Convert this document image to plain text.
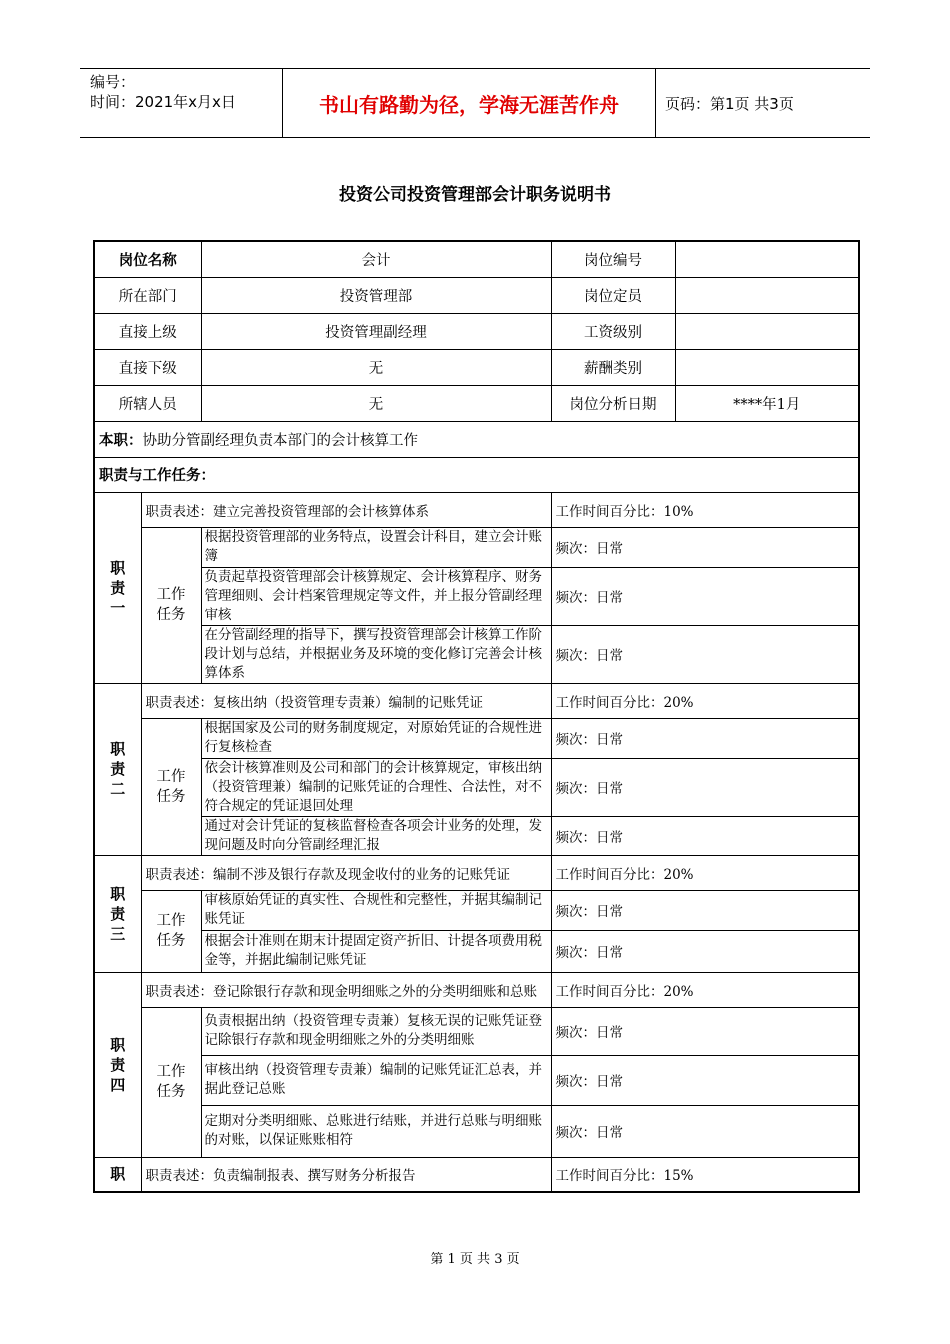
编号：
时间：2021年x月x日	书山有路勤为径，学海无涯苦作舟	页码：第1页 共3页
投资公司投资管理部会计职务说明书
岗位名称		会计	岗位编号	
所在部门		投资管理部	岗位定员	
直接上级		投资管理副经理	工资级别	
直接下级		无	薪酬类别	
所辖人员		无	岗位分析日期	****年1月
本职：协助分管副经理负责本部门的会计核算工作				
职责与工作任务：				
职
责
一	职责表述：建立完善投资管理部的会计核算体系		工作时间百分比：10%	
	工作
任务	根据投资管理部的业务特点，设置会计科目，建立会计账簿	频次：日常	
		负责起草投资管理部会计核算规定、会计核算程序、财务管理细则、会计档案管理规定等文件，并上报分管副经理审核	频次：日常	
		在分管副经理的指导下，撰写投资管理部会计核算工作阶段计划与总结，并根据业务及环境的变化修订完善会计核算体系	频次：日常	
职
责
二	职责表述：复核出纳（投资管理专责兼）编制的记账凭证		工作时间百分比：20%	
	工作
任务	根据国家及公司的财务制度规定，对原始凭证的合规性进行复核检查	频次：日常	
		依会计核算准则及公司和部门的会计核算规定，审核出纳（投资管理兼）编制的记账凭证的合理性、合法性，对不符合规定的凭证退回处理	频次：日常	
		通过对会计凭证的复核监督检查各项会计业务的处理，发现问题及时向分管副经理汇报	频次：日常	
职
责
三	职责表述：编制不涉及银行存款及现金收付的业务的记账凭证		工作时间百分比：20%	
	工作
任务	审核原始凭证的真实性、合规性和完整性，并据其编制记账凭证	频次：日常	
		根据会计准则在期末计提固定资产折旧、计提各项费用税金等，并据此编制记账凭证	频次：日常	
职
责
四	职责表述：登记除银行存款和现金明细账之外的分类明细账和总账		工作时间百分比：20%	
	工作
任务	负责根据出纳（投资管理专责兼）复核无误的记账凭证登记除银行存款和现金明细账之外的分类明细账	频次：日常	
		审核出纳（投资管理专责兼）编制的记账凭证汇总表，并据此登记总账	频次：日常	
		定期对分类明细账、总账进行结账，并进行总账与明细账的对账，以保证账账相符	频次：日常	
职	职责表述：负责编制报表、撰写财务分析报告		工作时间百分比：15%	
第 1 页 共 3 页
